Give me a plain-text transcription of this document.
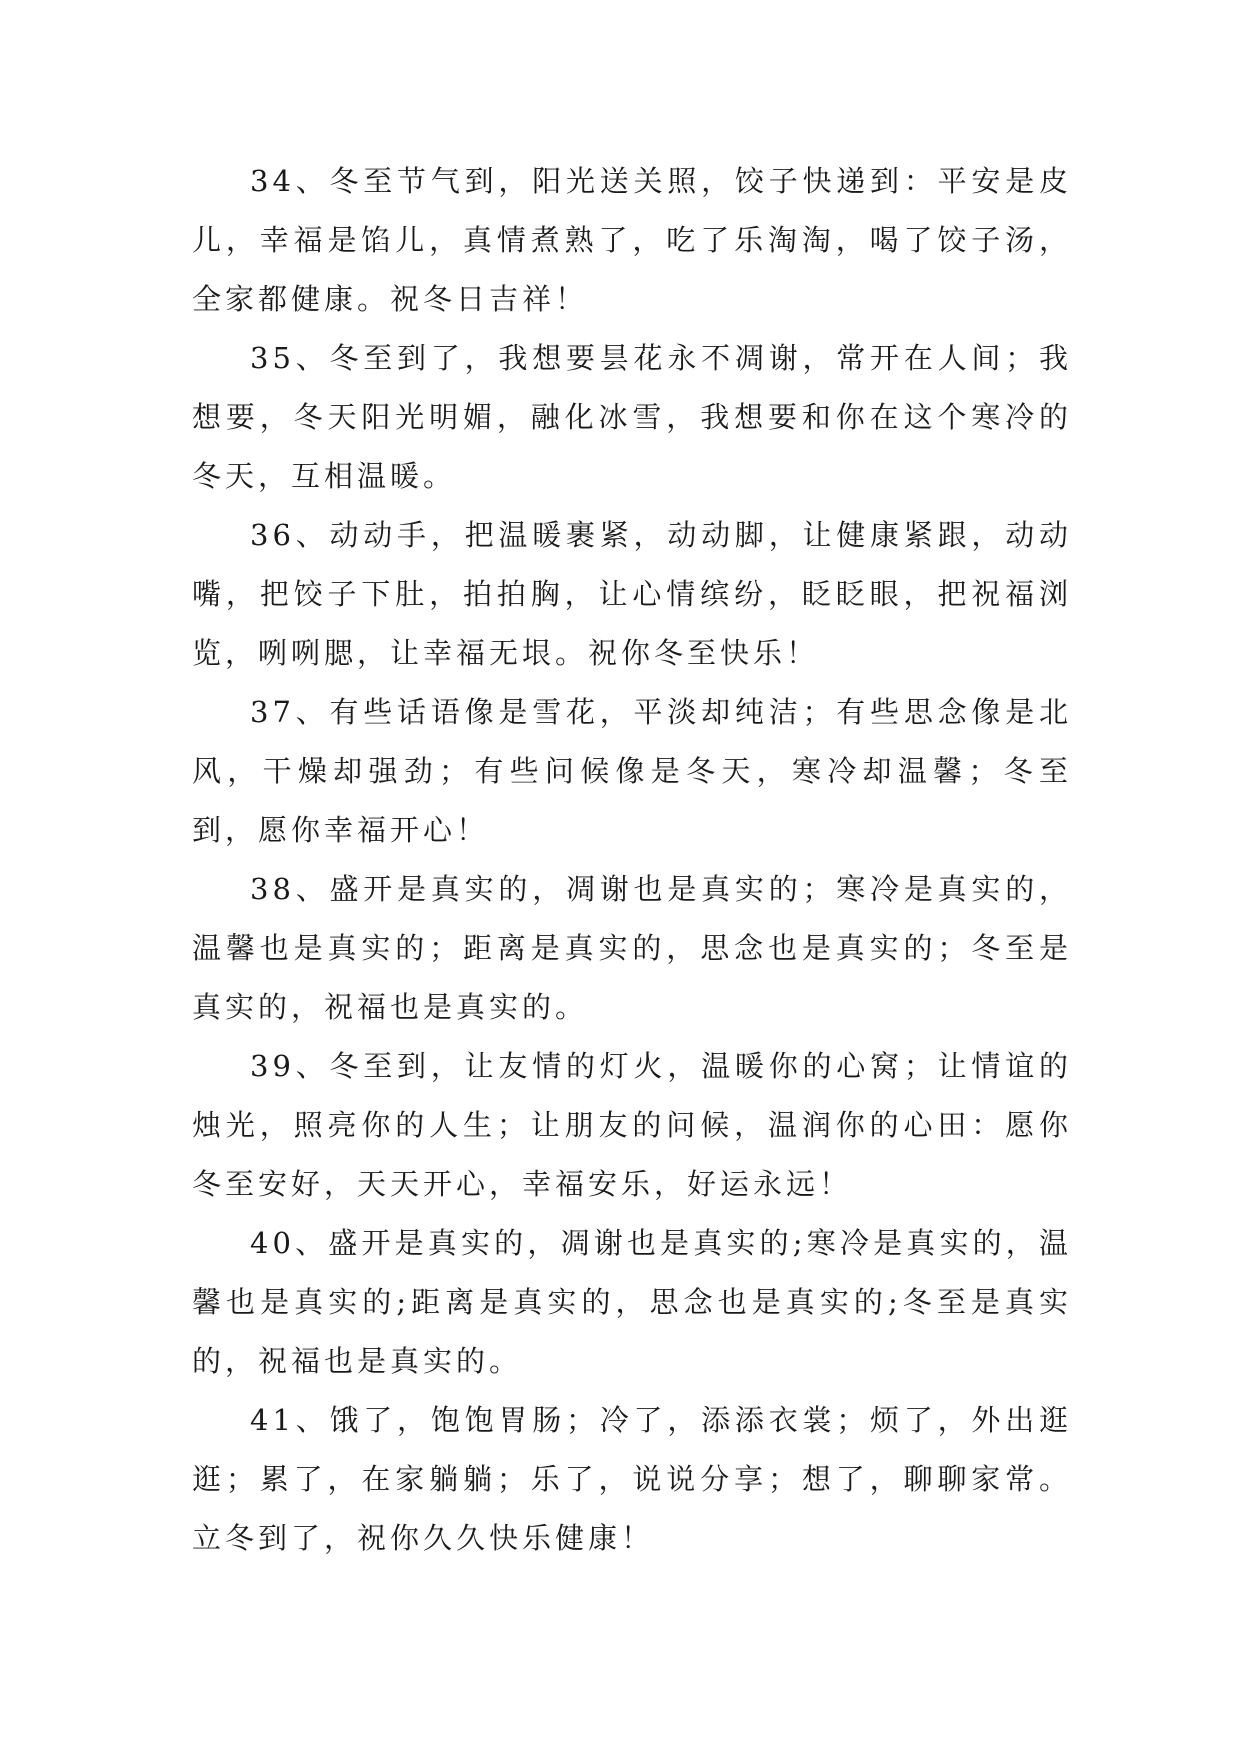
34、冬至节气到，阳光送关照，饺子快递到：平安是皮儿，幸福是馅儿，真情煮熟了，吃了乐淘淘，喝了饺子汤，全家都健康。祝冬日吉祥！

35、冬至到了，我想要昙花永不凋谢，常开在人间；我想要，冬天阳光明媚，融化冰雪，我想要和你在这个寒冷的冬天，互相温暖。

36、动动手，把温暖裹紧，动动脚，让健康紧跟，动动嘴，把饺子下肚，拍拍胸，让心情缤纷，眨眨眼，把祝福浏览，咧咧腮，让幸福无垠。祝你冬至快乐！

37、有些话语像是雪花，平淡却纯洁；有些思念像是北风，干燥却强劲；有些问候像是冬天，寒冷却温馨；冬至到，愿你幸福开心！

38、盛开是真实的，凋谢也是真实的；寒冷是真实的，温馨也是真实的；距离是真实的，思念也是真实的；冬至是真实的，祝福也是真实的。

39、冬至到，让友情的灯火，温暖你的心窝；让情谊的烛光，照亮你的人生；让朋友的问候，温润你的心田：愿你冬至安好，天天开心，幸福安乐，好运永远！

40、盛开是真实的，凋谢也是真实的;寒冷是真实的，温馨也是真实的;距离是真实的，思念也是真实的;冬至是真实的，祝福也是真实的。

41、饿了，饱饱胃肠；冷了，添添衣裳；烦了，外出逛逛；累了，在家躺躺；乐了，说说分享；想了，聊聊家常。立冬到了，祝你久久快乐健康！
